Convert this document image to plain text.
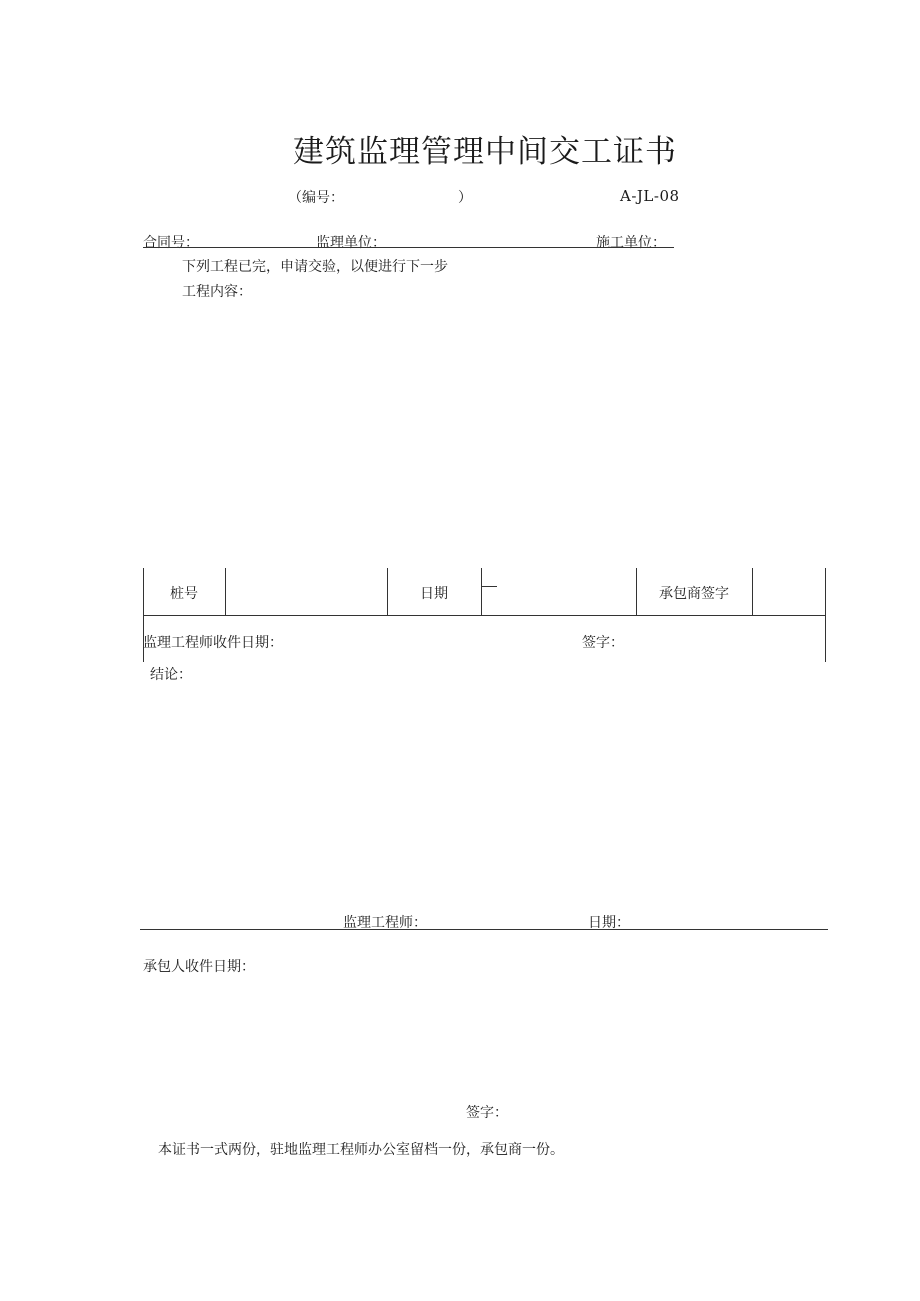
建筑监理管理中间交工证书
（编号：	）	A-JL-08
合同号：	监理单位：	施工单位：
下列工程已完，申请交验，以便进行下一步
工程内容：
桩号	日期	承包商签字
监理工程师收件日期：	签字：
结论：
监理工程师：	日期：
承包人收件日期：
签字：
本证书一式两份，驻地监理工程师办公室留档一份，承包商一份。
